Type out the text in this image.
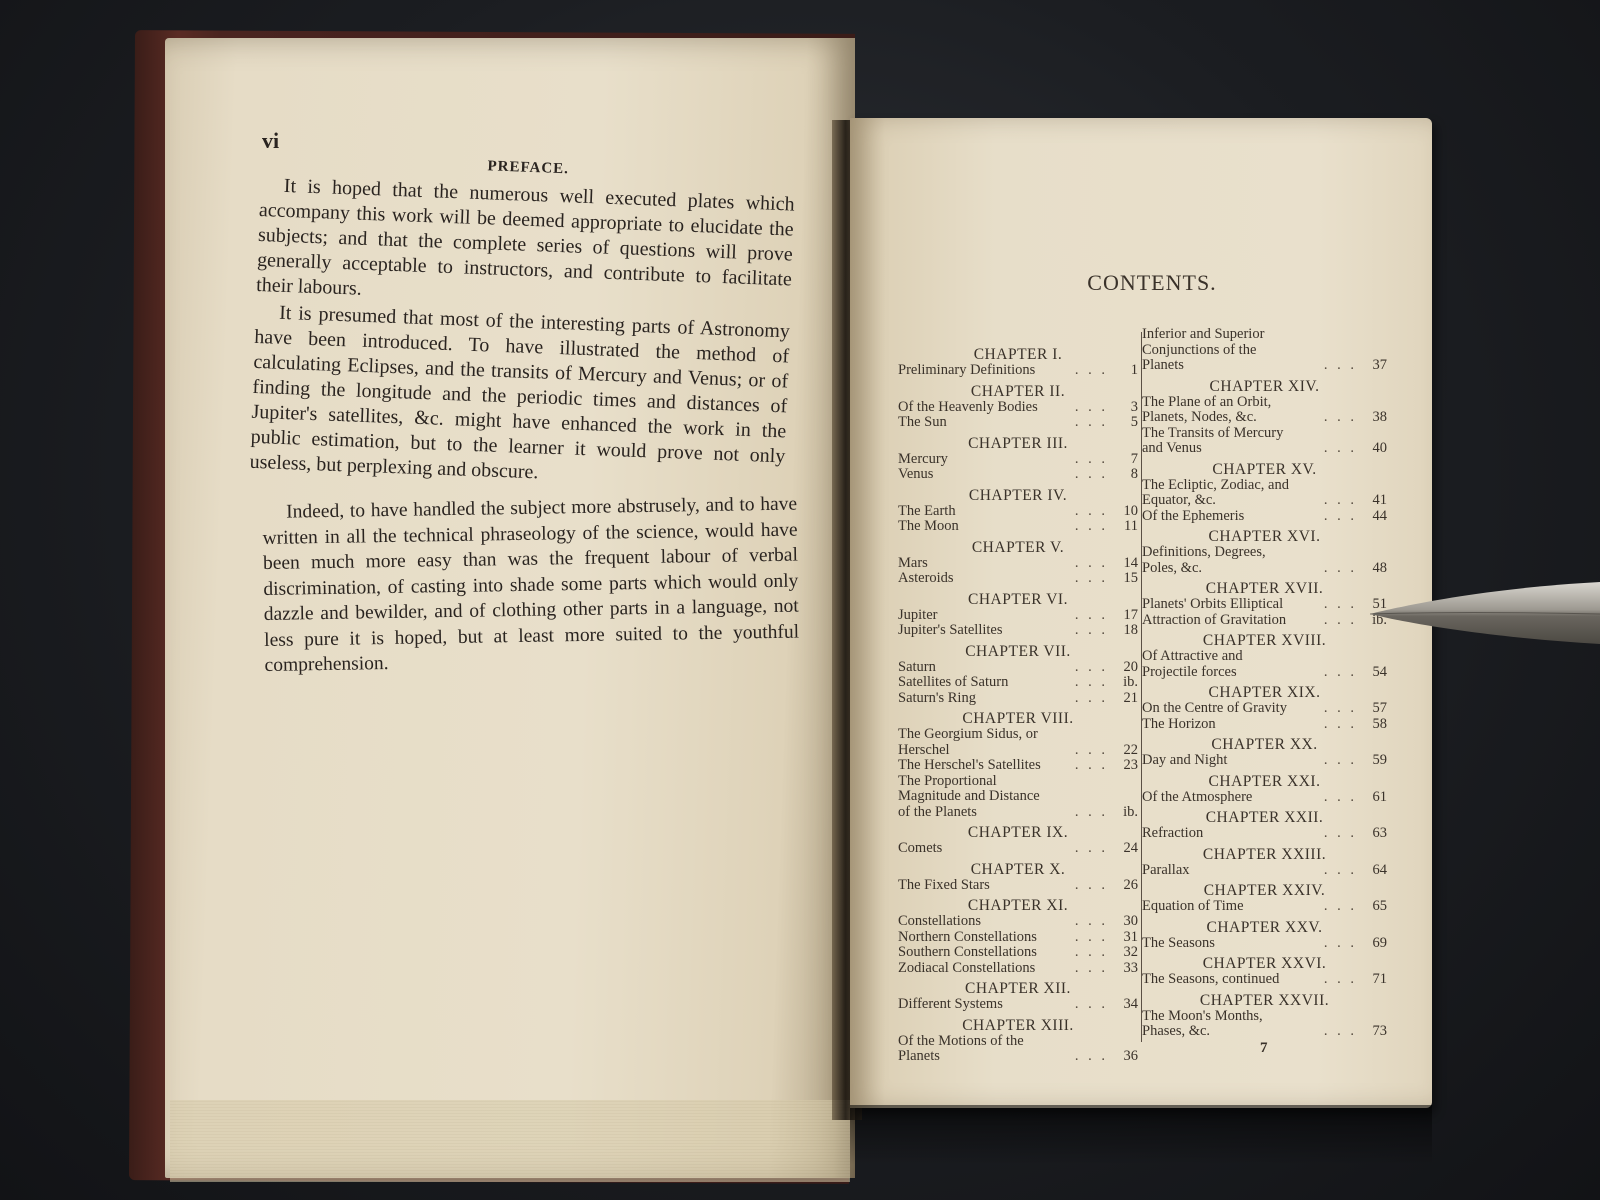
vi
PREFACE.

It is hoped that the numerous well executed plates which accompany this work will be deemed appropriate to elucidate the subjects; and that the complete series of questions will prove generally acceptable to instructors, and contribute to facilitate their labours.

It is presumed that most of the interesting parts of Astronomy have been introduced. To have illustrated the method of calculating Eclipses, and the transits of Mercury and Venus; or of finding the longitude and the periodic times and distances of Jupiter's satellites, &c. might have enhanced the work in the public estimation, but to the learner it would prove not only useless, but perplexing and obscure.

Indeed, to have handled the subject more abstrusely, and to have written in all the technical phraseology of the science, would have been much more easy than was the frequent labour of verbal discrimination, of casting into shade some parts which would only dazzle and bewilder, and of clothing other parts in a language, not less pure it is hoped, but at least more suited to the youthful comprehension.

CONTENTS.
CHAPTER I.
Preliminary Definitions	. . .	1
CHAPTER II.
Of the Heavenly Bodies	. . .	3
The Sun	. . .	5
CHAPTER III.
Mercury	. . .	7
Venus	. . .	8
CHAPTER IV.
The Earth	. . .	10
The Moon	. . .	11
CHAPTER V.
Mars	. . .	14
Asteroids	. . .	15
CHAPTER VI.
Jupiter	. . .	17
Jupiter's Satellites	. . .	18
CHAPTER VII.
Saturn	. . .	20
Satellites of Saturn	. . .	ib.
Saturn's Ring	. . .	21
CHAPTER VIII.
The Georgium Sidus, or Herschel	. . .	22
The Herschel's Satellites	. . .	23
The Proportional Magnitude and Distance of the Planets	. . .	ib.
CHAPTER IX.
Comets	. . .	24
CHAPTER X.
The Fixed Stars	. . .	26
CHAPTER XI.
Constellations	. . .	30
Northern Constellations	. . .	31
Southern Constellations	. . .	32
Zodiacal Constellations	. . .	33
CHAPTER XII.
Different Systems	. . .	34
CHAPTER XIII.
Of the Motions of the Planets	. . .	36
Inferior and Superior Conjunctions of the Planets	. . .	37
CHAPTER XIV.
The Plane of an Orbit, Planets, Nodes, &c.	. . .	38
The Transits of Mercury and Venus	. . .	40
CHAPTER XV.
The Ecliptic, Zodiac, and Equator, &c.	. . .	41
Of the Ephemeris	. . .	44
CHAPTER XVI.
Definitions, Degrees, Poles, &c.	. . .	48
CHAPTER XVII.
Planets' Orbits Elliptical	. . .	51
Attraction of Gravitation	. . .	ib.
CHAPTER XVIII.
Of Attractive and Projectile forces	. . .	54
CHAPTER XIX.
On the Centre of Gravity	. . .	57
The Horizon	. . .	58
CHAPTER XX.
Day and Night	. . .	59
CHAPTER XXI.
Of the Atmosphere	. . .	61
CHAPTER XXII.
Refraction	. . .	63
CHAPTER XXIII.
Parallax	. . .	64
CHAPTER XXIV.
Equation of Time	. . .	65
CHAPTER XXV.
The Seasons	. . .	69
CHAPTER XXVI.
The Seasons, continued	. . .	71
CHAPTER XXVII.
The Moon's Months, Phases, &c.	. . .	73
7
